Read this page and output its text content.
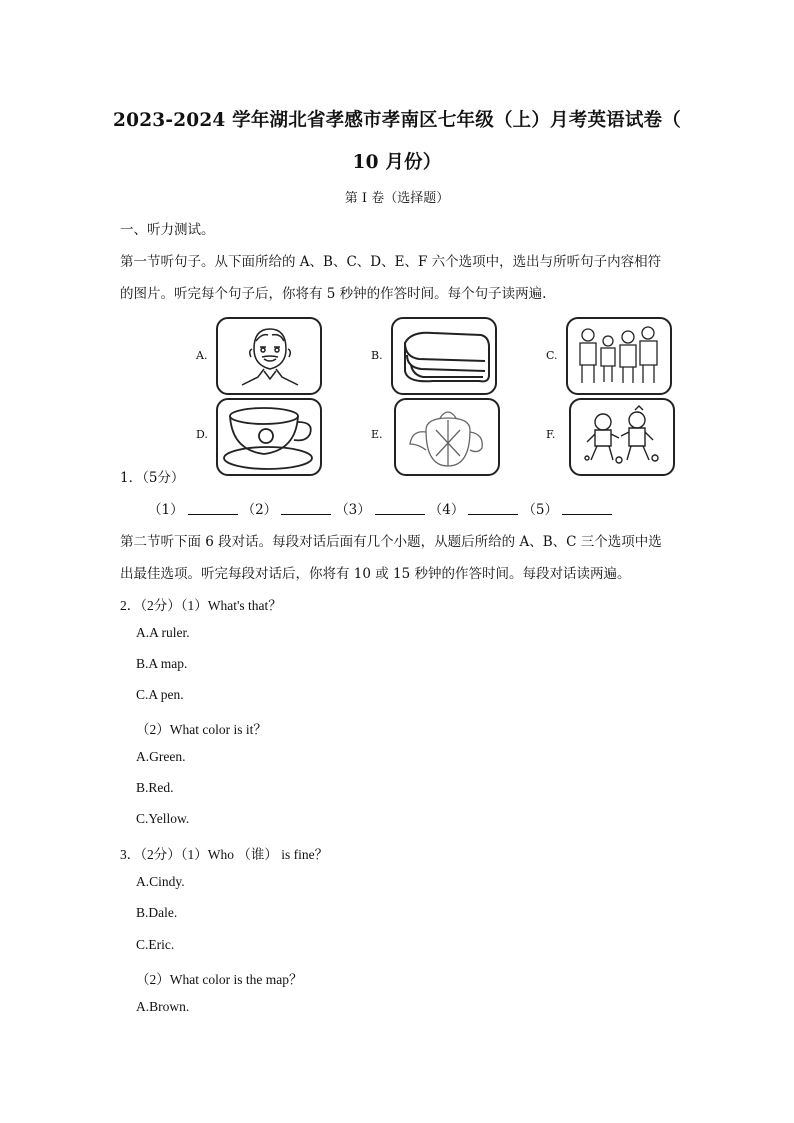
2023-2024 学年湖北省孝感市孝南区七年级（上）月考英语试卷（
10 月份）
第 I 卷（选择题）
一、听力测试。
第一节听句子。从下面所给的 A、B、C、D、E、F 六个选项中，选出与所听句子内容相符
的图片。听完每个句子后，你将有 5 秒钟的作答时间。每个句子读两遍.
A.	B.	C.
D.	E.	F.
1．（5分）
（1）	（2）	（3）	（4）	（5）
第二节听下面 6 段对话。每段对话后面有几个小题，从题后所给的 A、B、C 三个选项中选
出最佳选项。听完每段对话后，你将有 10 或 15 秒钟的作答时间。每段对话读两遍。
2．（2分）（1）What's that？
A.A ruler.
B.A map.
C.A pen.
（2）What color is it？
A.Green.
B.Red.
C.Yellow.
3．（2分）（1）Who （谁） is fine？
A.Cindy.
B.Dale.
C.Eric.
（2）What color is the map？
A.Brown.
